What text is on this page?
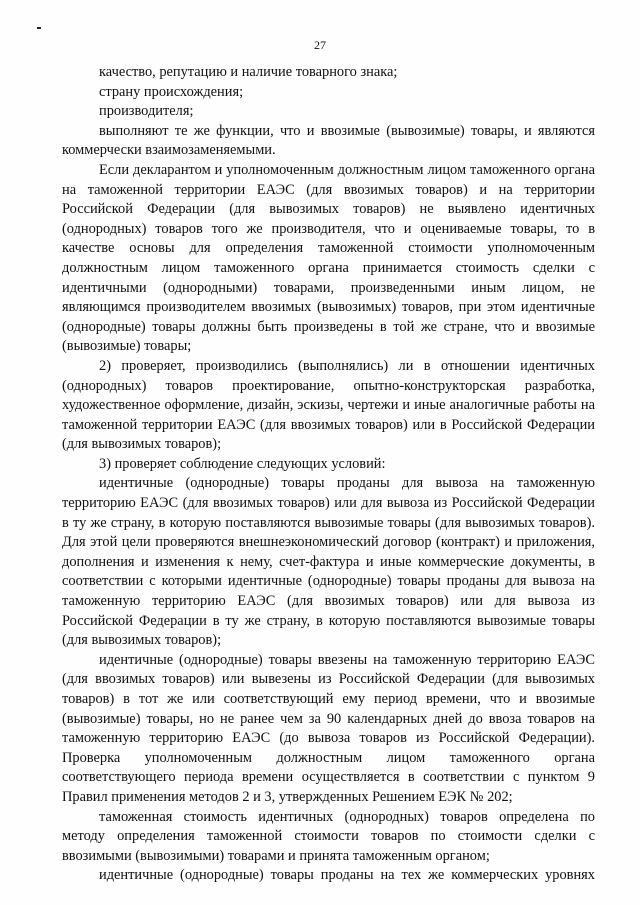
27

качество, репутацию и наличие товарного знака;

страну происхождения;

производителя;

выполняют те же функции, что и ввозимые (вывозимые) товары, и являются коммерчески взаимозаменяемыми.

Если декларантом и уполномоченным должностным лицом таможенного органа на таможенной территории ЕАЭС (для ввозимых товаров) и на территории Российской Федерации (для вывозимых товаров) не выявлено идентичных (однородных) товаров того же производителя, что и оцениваемые товары, то в качестве основы для определения таможенной стоимости уполномоченным должностным лицом таможенного органа принимается стоимость сделки с идентичными (однородными) товарами, произведенными иным лицом, не являющимся производителем ввозимых (вывозимых) товаров, при этом идентичные (однородные) товары должны быть произведены в той же стране, что и ввозимые (вывозимые) товары;

2) проверяет, производились (выполнялись) ли в отношении идентичных (однородных) товаров проектирование, опытно-конструкторская разработка, художественное оформление, дизайн, эскизы, чертежи и иные аналогичные работы на таможенной территории ЕАЭС (для ввозимых товаров) или в Российской Федерации (для вывозимых товаров);

3) проверяет соблюдение следующих условий:

идентичные (однородные) товары проданы для вывоза на таможенную территорию ЕАЭС (для ввозимых товаров) или для вывоза из Российской Федерации в ту же страну, в которую поставляются вывозимые товары (для вывозимых товаров). Для этой цели проверяются внешнеэкономический договор (контракт) и приложения, дополнения и изменения к нему, счет-фактура и иные коммерческие документы, в соответствии с которыми идентичные (однородные) товары проданы для вывоза на таможенную территорию ЕАЭС (для ввозимых товаров) или для вывоза из Российской Федерации в ту же страну, в которую поставляются вывозимые товары (для вывозимых товаров);

идентичные (однородные) товары ввезены на таможенную территорию ЕАЭС (для ввозимых товаров) или вывезены из Российской Федерации (для вывозимых товаров) в тот же или соответствующий ему период времени, что и ввозимые (вывозимые) товары, но не ранее чем за 90 календарных дней до ввоза товаров на таможенную территорию ЕАЭС (до вывоза товаров из Российской Федерации). Проверка уполномоченным должностным лицом таможенного органа соответствующего периода времени осуществляется в соответствии с пунктом 9 Правил применения методов 2 и 3, утвержденных Решением ЕЭК № 202;

таможенная стоимость идентичных (однородных) товаров определена по методу определения таможенной стоимости товаров по стоимости сделки с ввозимыми (вывозимыми) товарами и принята таможенным органом;

идентичные (однородные) товары проданы на тех же коммерческих уровнях
